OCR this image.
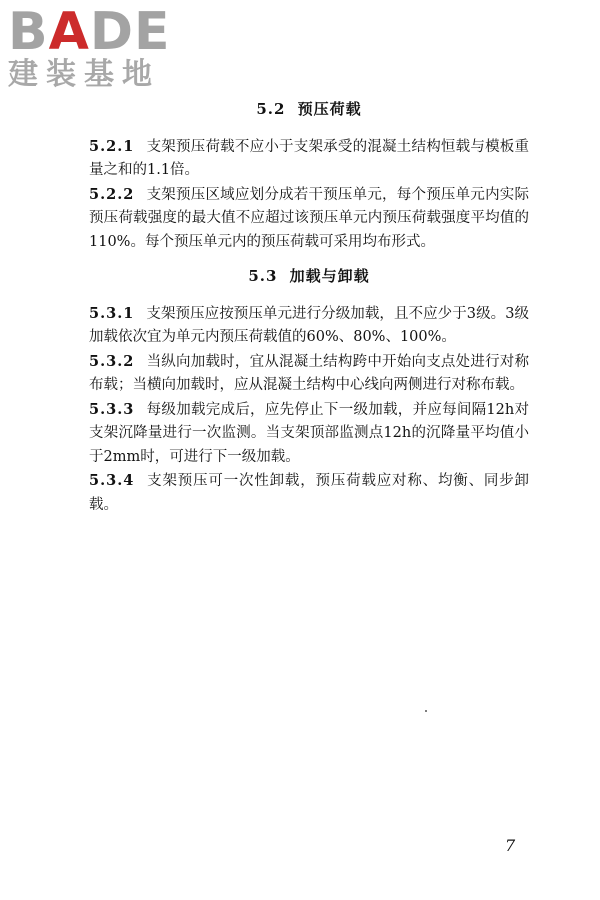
BADE
建装基地
5.2 预压荷载

5.2.1 支架预压荷载不应小于支架承受的混凝土结构恒载与模板重量之和的1.1倍。

5.2.2 支架预压区域应划分成若干预压单元，每个预压单元内实际预压荷载强度的最大值不应超过该预压单元内预压荷载强度平均值的110%。每个预压单元内的预压荷载可采用均布形式。

5.3 加载与卸载

5.3.1 支架预压应按预压单元进行分级加载，且不应少于3级。3级加载依次宜为单元内预压荷载值的60%、80%、100%。

5.3.2 当纵向加载时，宜从混凝土结构跨中开始向支点处进行对称布载；当横向加载时，应从混凝土结构中心线向两侧进行对称布载。

5.3.3 每级加载完成后，应先停止下一级加载，并应每间隔12h对支架沉降量进行一次监测。当支架顶部监测点12h的沉降量平均值小于2mm时，可进行下一级加载。

5.3.4 支架预压可一次性卸载，预压荷载应对称、均衡、同步卸载。

7
